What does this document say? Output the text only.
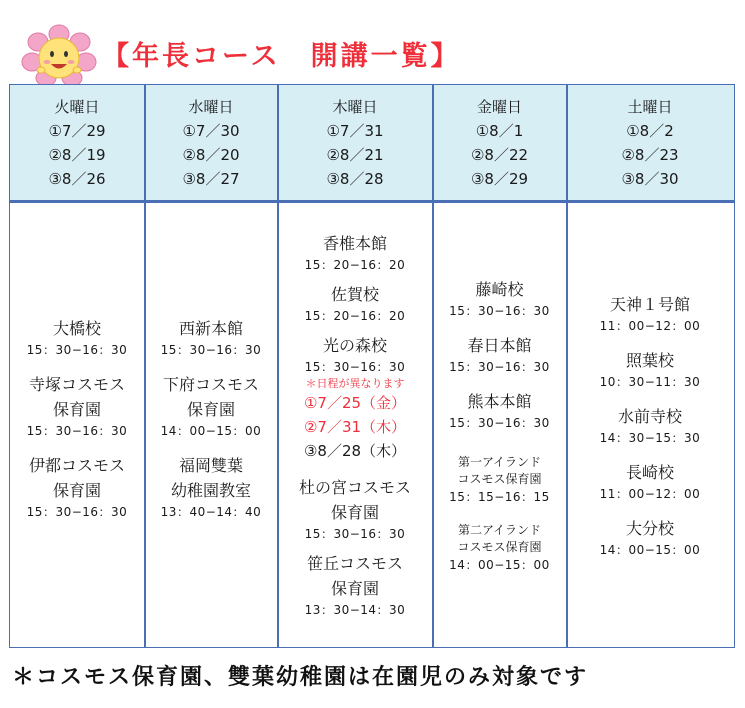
【年長コース　開講一覧】
火曜日
①7／29
②8／19
③8／26
水曜日
①7／30
②8／20
③8／27
木曜日
①7／31
②8／21
③8／28
金曜日
①8／1
②8／22
③8／29
土曜日
①8／2
②8／23
③8／30
大橋校
15：30−16：30
寺塚コスモス
保育園
15：30−16：30
伊都コスモス
保育園
15：30−16：30
西新本館
15：30−16：30
下府コスモス
保育園
14：00−15：00
福岡雙葉
幼稚園教室
13：40−14：40
香椎本館
15：20−16：20
佐賀校
15：20−16：20
光の森校
15：30−16：30
＊日程が異なります
①7／25（金）
②7／31（木）
③8／28（木）
杜の宮コスモス
保育園
15：30−16：30
笹丘コスモス
保育園
13：30−14：30
藤崎校
15：30−16：30
春日本館
15：30−16：30
熊本本館
15：30−16：30
第一アイランド
コスモス保育園
15：15−16：15
第二アイランド
コスモス保育園
14：00−15：00
天神１号館
11：00−12：00
照葉校
10：30−11：30
水前寺校
14：30−15：30
長崎校
11：00−12：00
大分校
14：00−15：00
＊コスモス保育園、雙葉幼稚園は在園児のみ対象です
